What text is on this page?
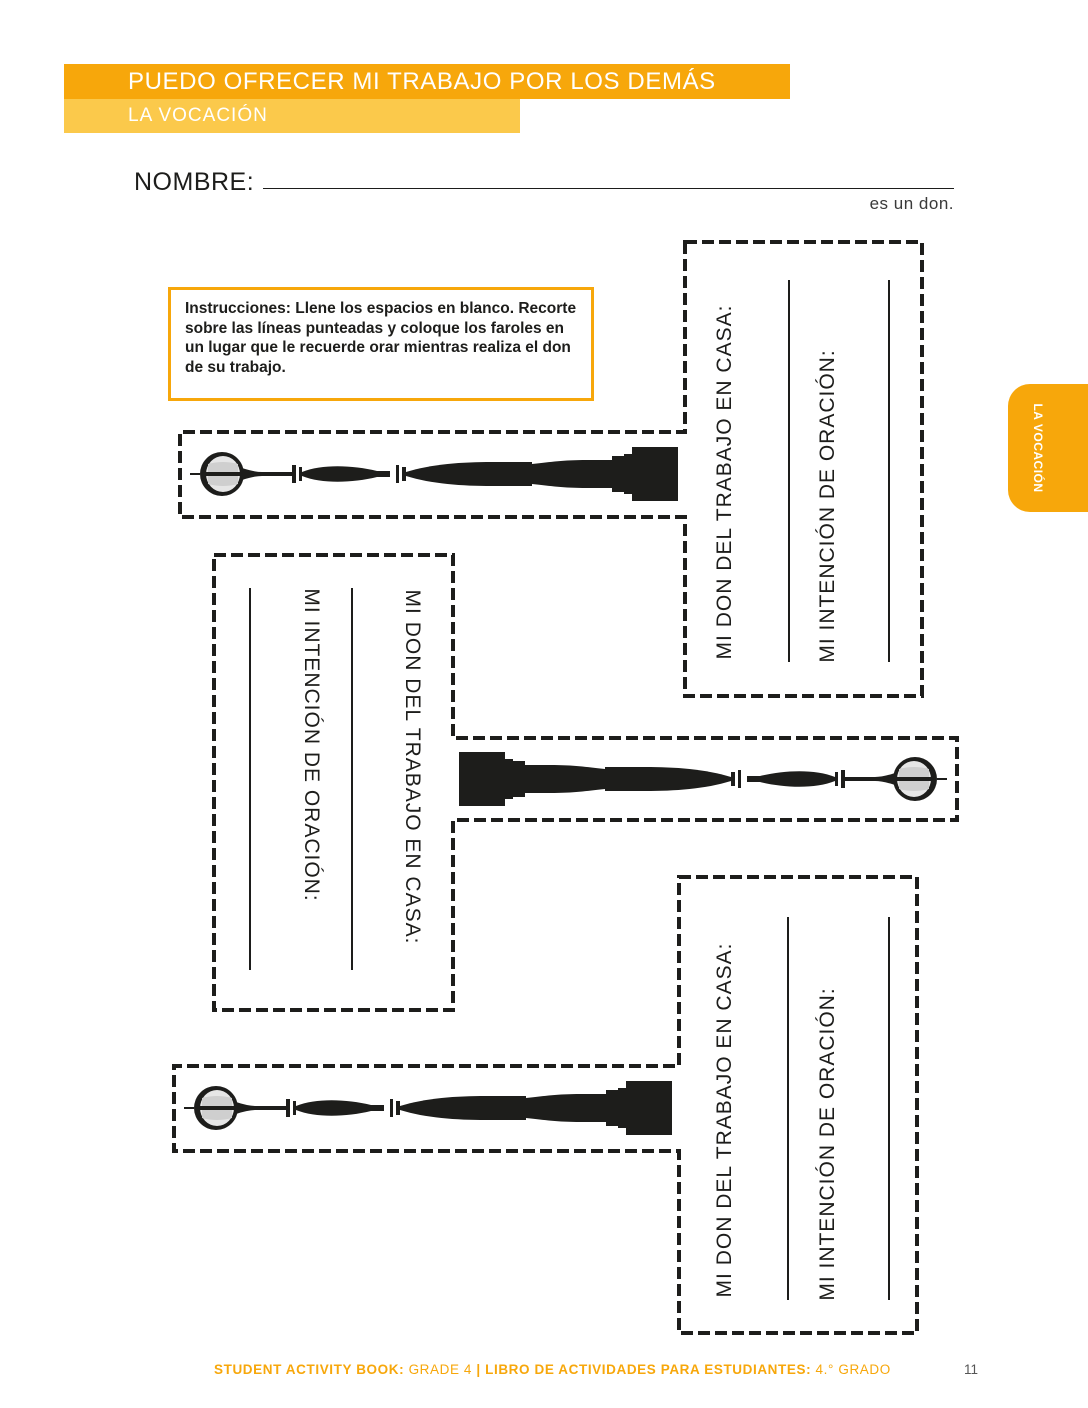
PUEDO OFRECER MI TRABAJO POR LOS DEMÁS
LA VOCACIÓN
NOMBRE:
es un don.
LA VOCACIÓN
Instrucciones: Llene los espacios en blanco. Recorte sobre las líneas punteadas y coloque los faroles en un lugar que le recuerde orar mientras realiza el don de su trabajo.	MI DON DEL TRABAJO EN CASA:	MI INTENCIÓN DE ORACIÓN:
MI DON DEL TRABAJO EN CASA:
MI INTENCIÓN DE ORACIÓN:
MI DON DEL TRABAJO EN CASA:	MI INTENCIÓN DE ORACIÓN:
STUDENT ACTIVITY BOOK: GRADE 4 | LIBRO DE ACTIVIDADES PARA ESTUDIANTES: 4.° GRADO	11
